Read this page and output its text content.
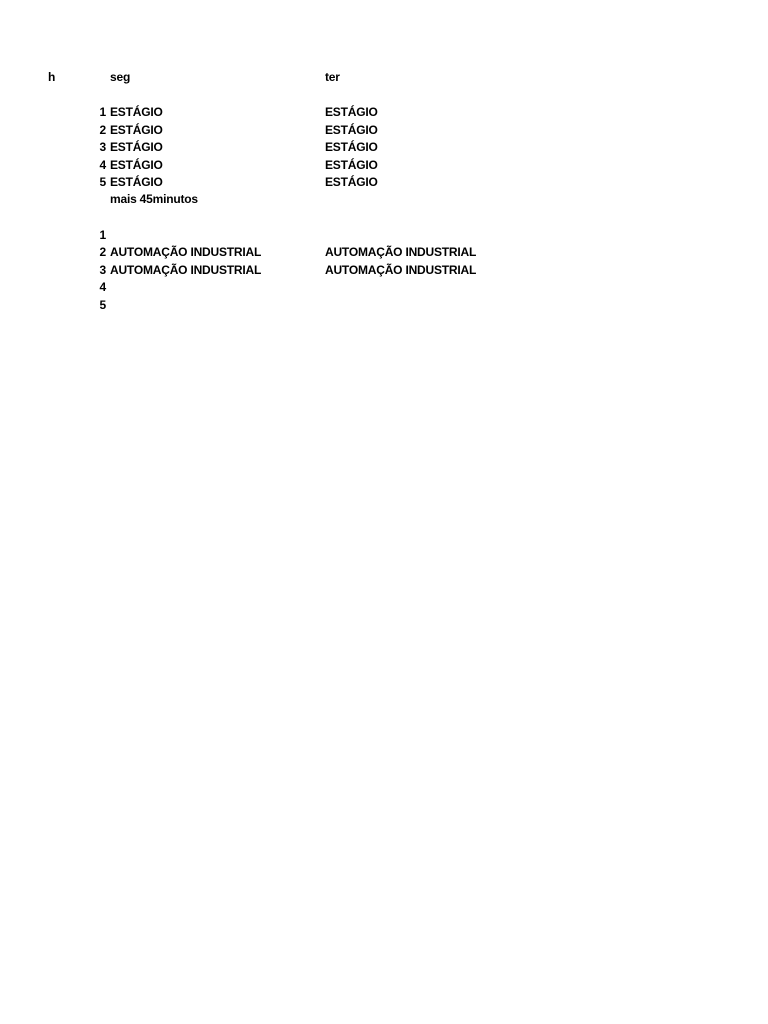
h	seg	ter
1 ESTÁGIO	ESTÁGIO
2 ESTÁGIO	ESTÁGIO
3 ESTÁGIO	ESTÁGIO
4 ESTÁGIO	ESTÁGIO
5 ESTÁGIO	ESTÁGIO
mais 45minutos
1
2 AUTOMAÇÃO INDUSTRIAL	AUTOMAÇÃO INDUSTRIAL
3 AUTOMAÇÃO INDUSTRIAL	AUTOMAÇÃO INDUSTRIAL
4
5
